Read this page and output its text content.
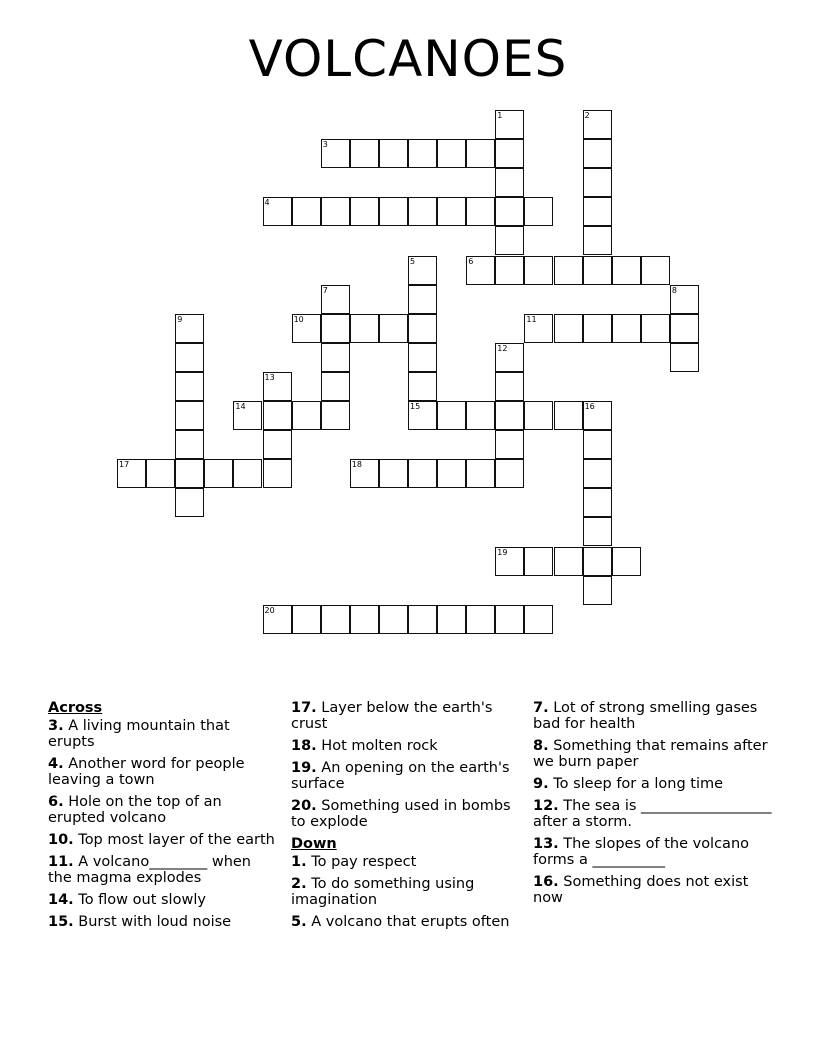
VOLCANOES
1	2
3
4
5
15
6
7	8
9	10	11
12
13
14	16
17	18
19
20
Across
3. A living mountain that erupts
4. Another word for people leaving a town
6. Hole on the top of an erupted volcano
10. Top most layer of the earth
11. A volcano________ when the magma explodes
14. To flow out slowly
15. Burst with loud noise
17. Layer below the earth's crust
18. Hot molten rock
19. An opening on the earth's surface
20. Something used in bombs to explode
Down
1. To pay respect
2. To do something using imagination
5. A volcano that erupts often
7. Lot of strong smelling gases bad for health
8. Something that remains after we burn paper
9. To sleep for a long time
12. The sea is __________________ after a storm.
13. The slopes of the volcano forms a __________
16. Something does not exist now
